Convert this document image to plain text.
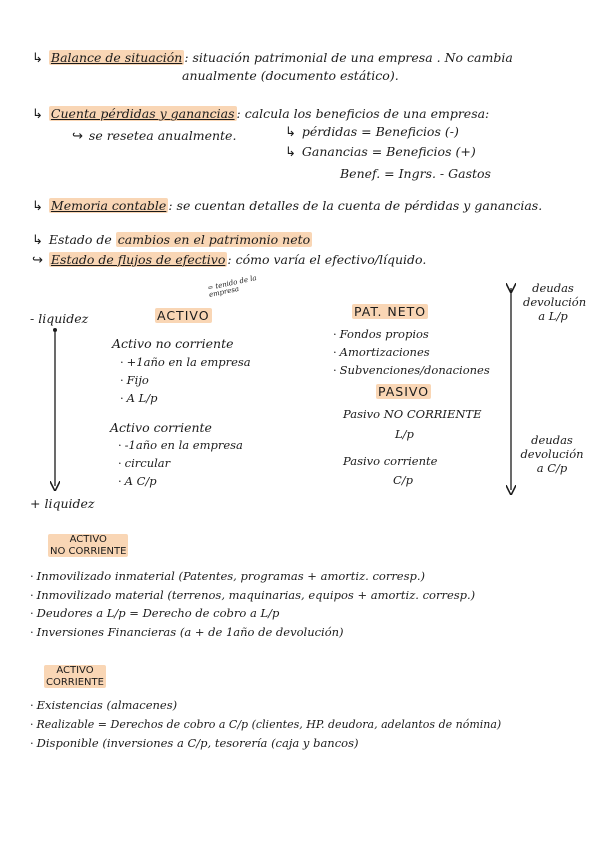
↳ Balance de situación : situación patrimonial de una empresa . No cambia
anualmente (documento estático).
↳ Cuenta pérdidas y ganancias : calcula los beneficios de una empresa:
↪ se resetea anualmente.	↳ pérdidas = Beneficios (-)
↳ Ganancias = Beneficios (+)
Benef. = Ingrs. - Gastos
↳ Memoria contable : se cuentan detalles de la cuenta de pérdidas y ganancias.
↳ Estado de cambios en el patrimonio neto
↪ Estado de flujos de efectivo : cómo varía el efectivo/líquido.
- liquidez
+ liquidez
ACTIVO
= tenido de la empresa
Activo no corriente
· +1año en la empresa
· Fijo
· A L/p
Activo corriente
· -1año en la empresa
· circular
· A C/p
PAT. NETO
· Fondos propios
· Amortizaciones
· Subvenciones/donaciones
PASIVO
Pasivo NO CORRIENTE
L/p
Pasivo corriente
C/p
deudas
devolución
a L/p
deudas
devolución
a C/p
ACTIVO
NO CORRIENTE
· Inmovilizado inmaterial (Patentes, programas + amortiz. corresp.)
· Inmovilizado material (terrenos, maquinarias, equipos + amortiz. corresp.)
· Deudores a L/p = Derecho de cobro a L/p
· Inversiones Financieras (a + de 1año de devolución)
ACTIVO
CORRIENTE
· Existencias (almacenes)
· Realizable = Derechos de cobro a C/p (clientes, HP. deudora, adelantos de nómina)
· Disponible (inversiones a C/p, tesorería (caja y bancos)
